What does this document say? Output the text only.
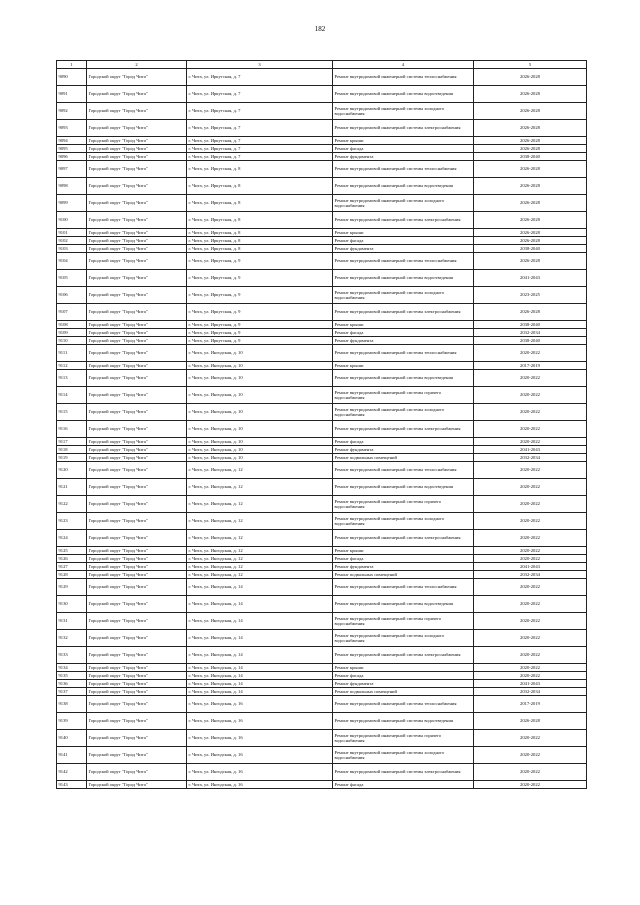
182
1	2	3	4	5
9090	Городской округ "Город Чита"	г. Чита, ул. Иркутская, д. 7	Ремонт внутридомовой инженерной системы теплоснабжения	2026-2028
9091	Городской округ "Город Чита"	г. Чита, ул. Иркутская, д. 7	Ремонт внутридомовой инженерной системы водоотведения	2026-2028
9092	Городской округ "Город Чита"	г. Чита, ул. Иркутская, д. 7	Ремонт внутридомовой инженерной системы холодного водоснабжения	2026-2028
9093	Городской округ "Город Чита"	г. Чита, ул. Иркутская, д. 7	Ремонт внутридомовой инженерной системы электроснабжения	2026-2028
9094	Городской округ "Город Чита"	г. Чита, ул. Иркутская, д. 7	Ремонт крыши	2026-2028
9095	Городской округ "Город Чита"	г. Чита, ул. Иркутская, д. 7	Ремонт фасада	2026-2028
9096	Городской округ "Город Чита"	г. Чита, ул. Иркутская, д. 7	Ремонт фундамента	2038-2040
9097	Городской округ "Город Чита"	г. Чита, ул. Иркутская, д. 8	Ремонт внутридомовой инженерной системы теплоснабжения	2026-2028
9098	Городской округ "Город Чита"	г. Чита, ул. Иркутская, д. 8	Ремонт внутридомовой инженерной системы водоотведения	2026-2028
9099	Городской округ "Город Чита"	г. Чита, ул. Иркутская, д. 8	Ремонт внутридомовой инженерной системы холодного водоснабжения	2026-2028
9100	Городской округ "Город Чита"	г. Чита, ул. Иркутская, д. 8	Ремонт внутридомовой инженерной системы электроснабжения	2026-2028
9101	Городской округ "Город Чита"	г. Чита, ул. Иркутская, д. 8	Ремонт крыши	2026-2028
9102	Городской округ "Город Чита"	г. Чита, ул. Иркутская, д. 8	Ремонт фасада	2026-2028
9103	Городской округ "Город Чита"	г. Чита, ул. Иркутская, д. 8	Ремонт фундамента	2038-2040
9104	Городской округ "Город Чита"	г. Чита, ул. Иркутская, д. 9	Ремонт внутридомовой инженерной системы теплоснабжения	2026-2028
9105	Городской округ "Город Чита"	г. Чита, ул. Иркутская, д. 9	Ремонт внутридомовой инженерной системы водоотведения	2041-2043
9106	Городской округ "Город Чита"	г. Чита, ул. Иркутская, д. 9	Ремонт внутридомовой инженерной системы холодного водоснабжения	2023-2025
9107	Городской округ "Город Чита"	г. Чита, ул. Иркутская, д. 9	Ремонт внутридомовой инженерной системы электроснабжения	2026-2028
9108	Городской округ "Город Чита"	г. Чита, ул. Иркутская, д. 9	Ремонт крыши	2038-2040
9109	Городской округ "Город Чита"	г. Чита, ул. Иркутская, д. 9	Ремонт фасада	2032-2034
9110	Городской округ "Город Чита"	г. Чита, ул. Иркутская, д. 9	Ремонт фундамента	2038-2040
9111	Городской округ "Город Чита"	г. Чита, ул. Ингодская, д. 10	Ремонт внутридомовой инженерной системы теплоснабжения	2020-2022
9112	Городской округ "Город Чита"	г. Чита, ул. Ингодская, д. 10	Ремонт крыши	2017-2019
9113	Городской округ "Город Чита"	г. Чита, ул. Ингодская, д. 10	Ремонт внутридомовой инженерной системы водоотведения	2020-2022
9114	Городской округ "Город Чита"	г. Чита, ул. Ингодская, д. 10	Ремонт внутридомовой инженерной системы горячего водоснабжения	2020-2022
9115	Городской округ "Город Чита"	г. Чита, ул. Ингодская, д. 10	Ремонт внутридомовой инженерной системы холодного водоснабжения	2020-2022
9116	Городской округ "Город Чита"	г. Чита, ул. Ингодская, д. 10	Ремонт внутридомовой инженерной системы электроснабжения	2020-2022
9117	Городской округ "Город Чита"	г. Чита, ул. Ингодская, д. 10	Ремонт фасада	2020-2022
9118	Городской округ "Город Чита"	г. Чита, ул. Ингодская, д. 10	Ремонт фундамента	2041-2043
9119	Городской округ "Город Чита"	г. Чита, ул. Ингодская, д. 10	Ремонт подвальных помещений	2032-2034
9120	Городской округ "Город Чита"	г. Чита, ул. Ингодская, д. 12	Ремонт внутридомовой инженерной системы теплоснабжения	2020-2022
9121	Городской округ "Город Чита"	г. Чита, ул. Ингодская, д. 12	Ремонт внутридомовой инженерной системы водоотведения	2020-2022
9122	Городской округ "Город Чита"	г. Чита, ул. Ингодская, д. 12	Ремонт внутридомовой инженерной системы горячего водоснабжения	2020-2022
9123	Городской округ "Город Чита"	г. Чита, ул. Ингодская, д. 12	Ремонт внутридомовой инженерной системы холодного водоснабжения	2020-2022
9124	Городской округ "Город Чита"	г. Чита, ул. Ингодская, д. 12	Ремонт внутридомовой инженерной системы электроснабжения	2020-2022
9125	Городской округ "Город Чита"	г. Чита, ул. Ингодская, д. 12	Ремонт крыши	2020-2022
9126	Городской округ "Город Чита"	г. Чита, ул. Ингодская, д. 12	Ремонт фасада	2020-2022
9127	Городской округ "Город Чита"	г. Чита, ул. Ингодская, д. 12	Ремонт фундамента	2041-2043
9128	Городской округ "Город Чита"	г. Чита, ул. Ингодская, д. 12	Ремонт подвальных помещений	2032-2034
9129	Городской округ "Город Чита"	г. Чита, ул. Ингодская, д. 14	Ремонт внутридомовой инженерной системы теплоснабжения	2020-2022
9130	Городской округ "Город Чита"	г. Чита, ул. Ингодская, д. 14	Ремонт внутридомовой инженерной системы водоотведения	2020-2022
9131	Городской округ "Город Чита"	г. Чита, ул. Ингодская, д. 14	Ремонт внутридомовой инженерной системы горячего водоснабжения	2020-2022
9132	Городской округ "Город Чита"	г. Чита, ул. Ингодская, д. 14	Ремонт внутридомовой инженерной системы холодного водоснабжения	2020-2022
9133	Городской округ "Город Чита"	г. Чита, ул. Ингодская, д. 14	Ремонт внутридомовой инженерной системы электроснабжения	2020-2022
9134	Городской округ "Город Чита"	г. Чита, ул. Ингодская, д. 14	Ремонт крыши	2020-2022
9135	Городской округ "Город Чита"	г. Чита, ул. Ингодская, д. 14	Ремонт фасада	2020-2022
9136	Городской округ "Город Чита"	г. Чита, ул. Ингодская, д. 14	Ремонт фундамента	2041-2043
9137	Городской округ "Город Чита"	г. Чита, ул. Ингодская, д. 14	Ремонт подвальных помещений	2032-2034
9138	Городской округ "Город Чита"	г. Чита, ул. Ингодская, д. 16	Ремонт внутридомовой инженерной системы теплоснабжения	2017-2019
9139	Городской округ "Город Чита"	г. Чита, ул. Ингодская, д. 16	Ремонт внутридомовой инженерной системы водоотведения	2026-2028
9140	Городской округ "Город Чита"	г. Чита, ул. Ингодская, д. 16	Ремонт внутридомовой инженерной системы горячего водоснабжения	2020-2022
9141	Городской округ "Город Чита"	г. Чита, ул. Ингодская, д. 16	Ремонт внутридомовой инженерной системы холодного водоснабжения	2020-2022
9142	Городской округ "Город Чита"	г. Чита, ул. Ингодская, д. 16	Ремонт внутридомовой инженерной системы электроснабжения	2020-2022
9143	Городской округ "Город Чита"	г. Чита, ул. Ингодская, д. 16	Ремонт фасада	2020-2022
